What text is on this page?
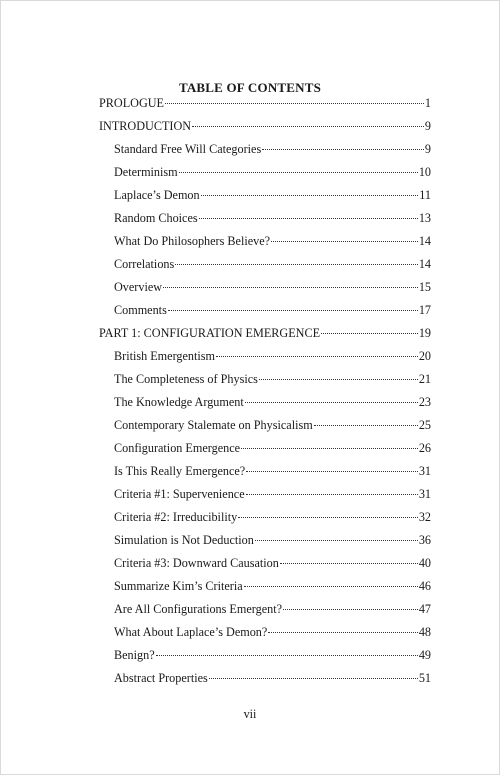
TABLE OF CONTENTS
PROLOGUE	1
INTRODUCTION	9
Standard Free Will Categories	9
Determinism	10
Laplace’s Demon	11
Random Choices	13
What Do Philosophers Believe?	14
Correlations	14
Overview	15
Comments	17
PART 1: CONFIGURATION EMERGENCE	19
British Emergentism	20
The Completeness of Physics	21
The Knowledge Argument	23
Contemporary Stalemate on Physicalism	25
Configuration Emergence	26
Is This Really Emergence?	31
Criteria #1: Supervenience	31
Criteria #2: Irreducibility	32
Simulation is Not Deduction	36
Criteria #3: Downward Causation	40
Summarize Kim’s Criteria	46
Are All Configurations Emergent?	47
What About Laplace’s Demon?	48
Benign?	49
Abstract Properties	51
vii
